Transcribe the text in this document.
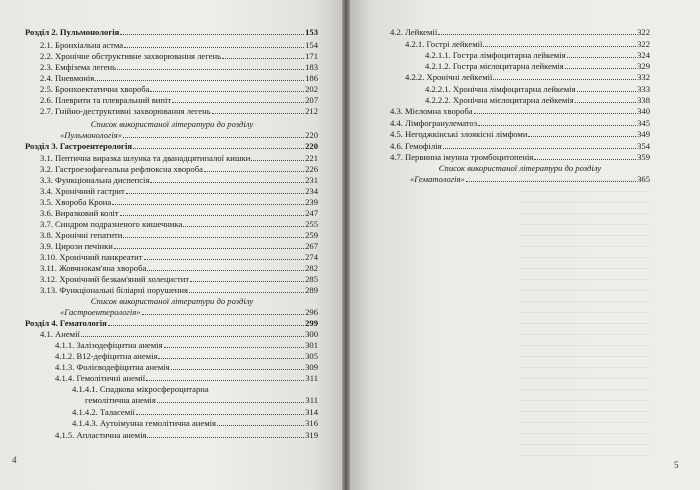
Розділ 2. Пульмонологія	153
2.1. Бронхіальна астма	154
2.2. Хронічне обструктивне захворювання легень	171
2.3. Емфізема легень	183
2.4. Пневмонія	186
2.5. Бронхоектатична хвороба	202
2.6. Плеврити та плевральний випіт	207
2.7. Гнійно-деструктивні захворювання легень	212
Список використаної літератури до розділу
«Пульмонологія»	220
Розділ 3. Гастроентерологія	220
3.1. Пептична виразка шлунка та дванадцятипалої кишки	221
3.2. Гастроезофагеальна рефлюксна хвороба	226
3.3. Функціональна диспепсія	231
3.4. Хронічний гастрит	234
3.5. Хвороба Крона	239
3.6. Виразковий коліт	247
3.7. Синдром подразненого кишечника	255
3.8. Хронічні гепатити	259
3.9. Цирози печінки	267
3.10. Хронічний панкреатит	274
3.11. Жовчнокам'яна хвороба	282
3.12. Хронічний безкам'яний холецистит	285
3.13. Функціональні біліарні порушення	289
Список використаної літератури до розділу
«Гастроентерологія»	296
Розділ 4. Гематологія	299
4.1. Анемії	300
4.1.1. Залізодефіцитна анемія	301
4.1.2. B12-дефіцитна анемія	305
4.1.3. Фолієводефіцитна анемія	309
4.1.4. Гемолітичні анемії	311
4.1.4.1. Спадкова мікросфероцитарна
гемолітична анемія	311
4.1.4.2. Таласемії	314
4.1.4.3. Аутоімунна гемолітична анемія	316
4.1.5. Апластична анемія	319
4
4.2. Лейкемії	322
4.2.1. Гострі лейкемії	322
4.2.1.1. Гостра лімфоцитарна лейкемія	324
4.2.1.2. Гостра мієлоцитарна лейкемія	329
4.2.2. Хронічні лейкемії	332
4.2.2.1. Хронічна лімфоцитарна лейкемія	333
4.2.2.2. Хронічна мієлоцитарна лейкемія	338
4.3. Мієломна хвороба	340
4.4. Лімфогранулематоз	345
4.5. Негоджкінські злоякісні лімфоми	349
4.6. Гемофілія	354
4.7. Первинна імунна тромбоцитопенія	359
Список використаної літератури до розділу
«Гематологія»	365
5
